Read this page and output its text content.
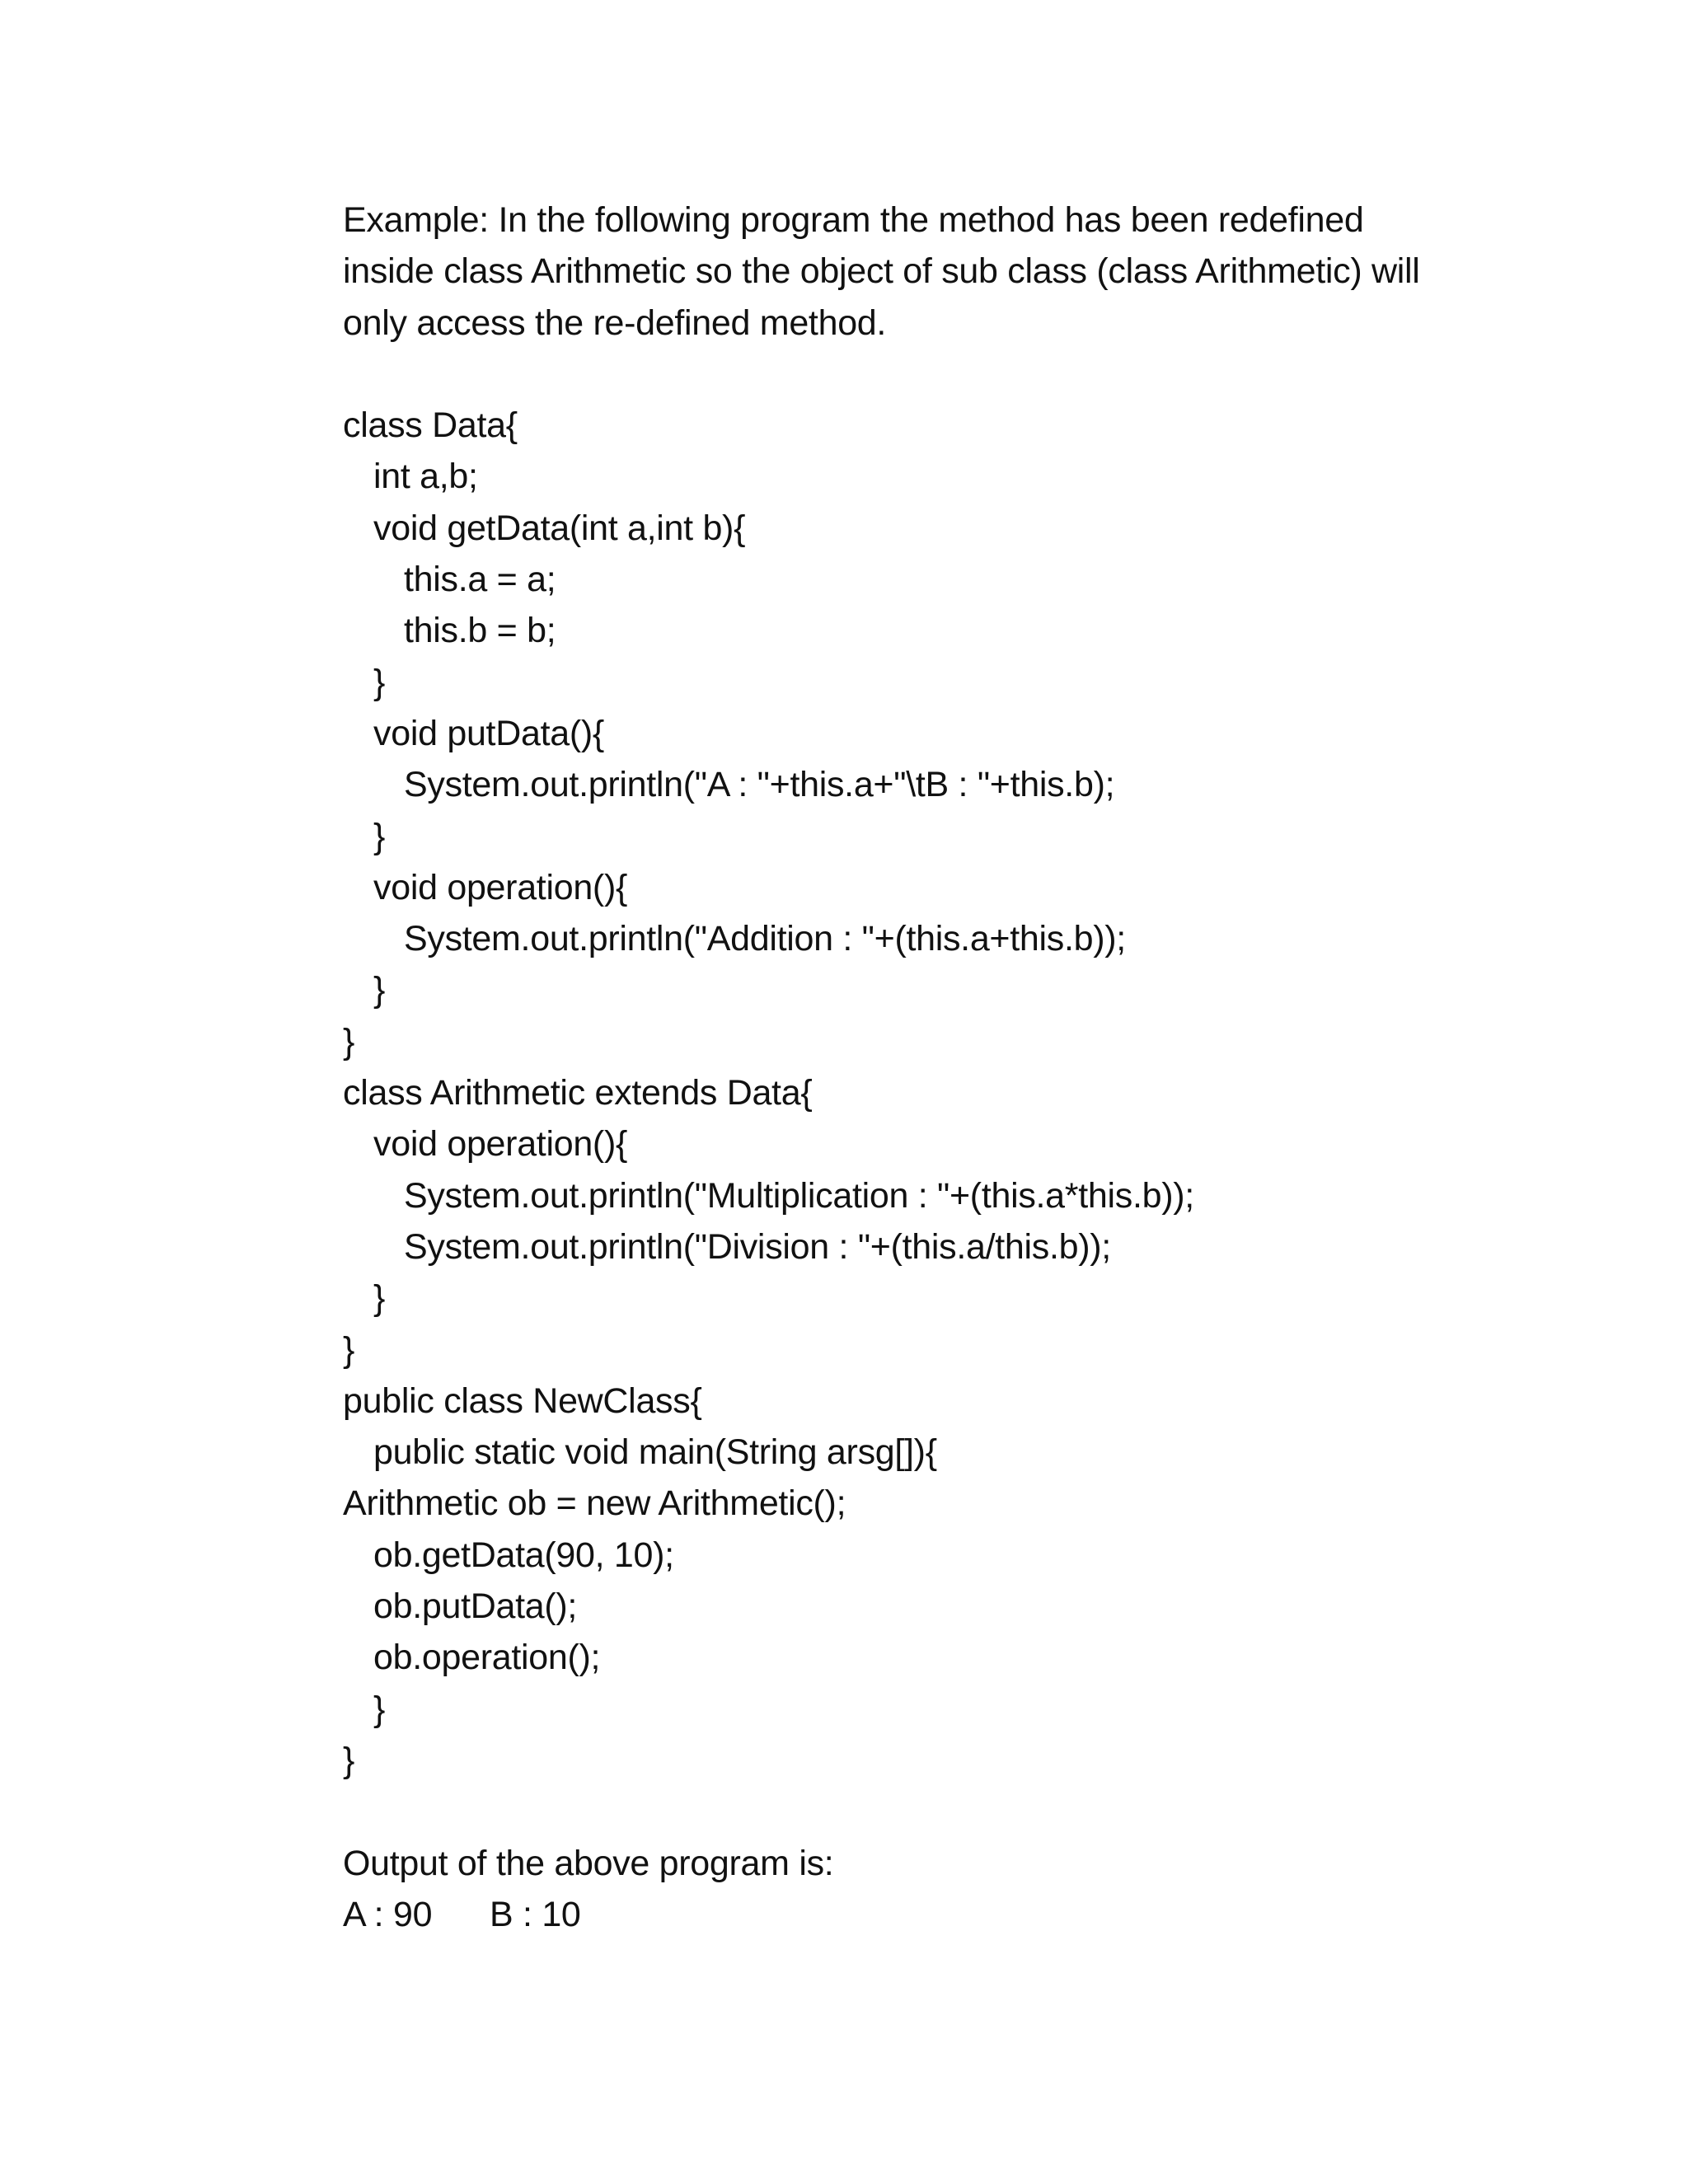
Example: In the following program the method has been redefined
inside class Arithmetic so the object of sub class (class Arithmetic) will
only access the re-defined method.
class Data{
int a,b;
void getData(int a,int b){
this.a = a;
this.b = b;
}
void putData(){
System.out.println("A : "+this.a+"\tB : "+this.b);
}
void operation(){
System.out.println("Addition : "+(this.a+this.b));
}
}
class Arithmetic extends Data{
void operation(){
System.out.println("Multiplication : "+(this.a*this.b));
System.out.println("Division : "+(this.a/this.b));
}
}
public class NewClass{
public static void main(String arsg[]){
Arithmetic ob = new Arithmetic();
ob.getData(90, 10);
ob.putData();
ob.operation();
}
}
Output of the above program is:
A : 90 B : 10
